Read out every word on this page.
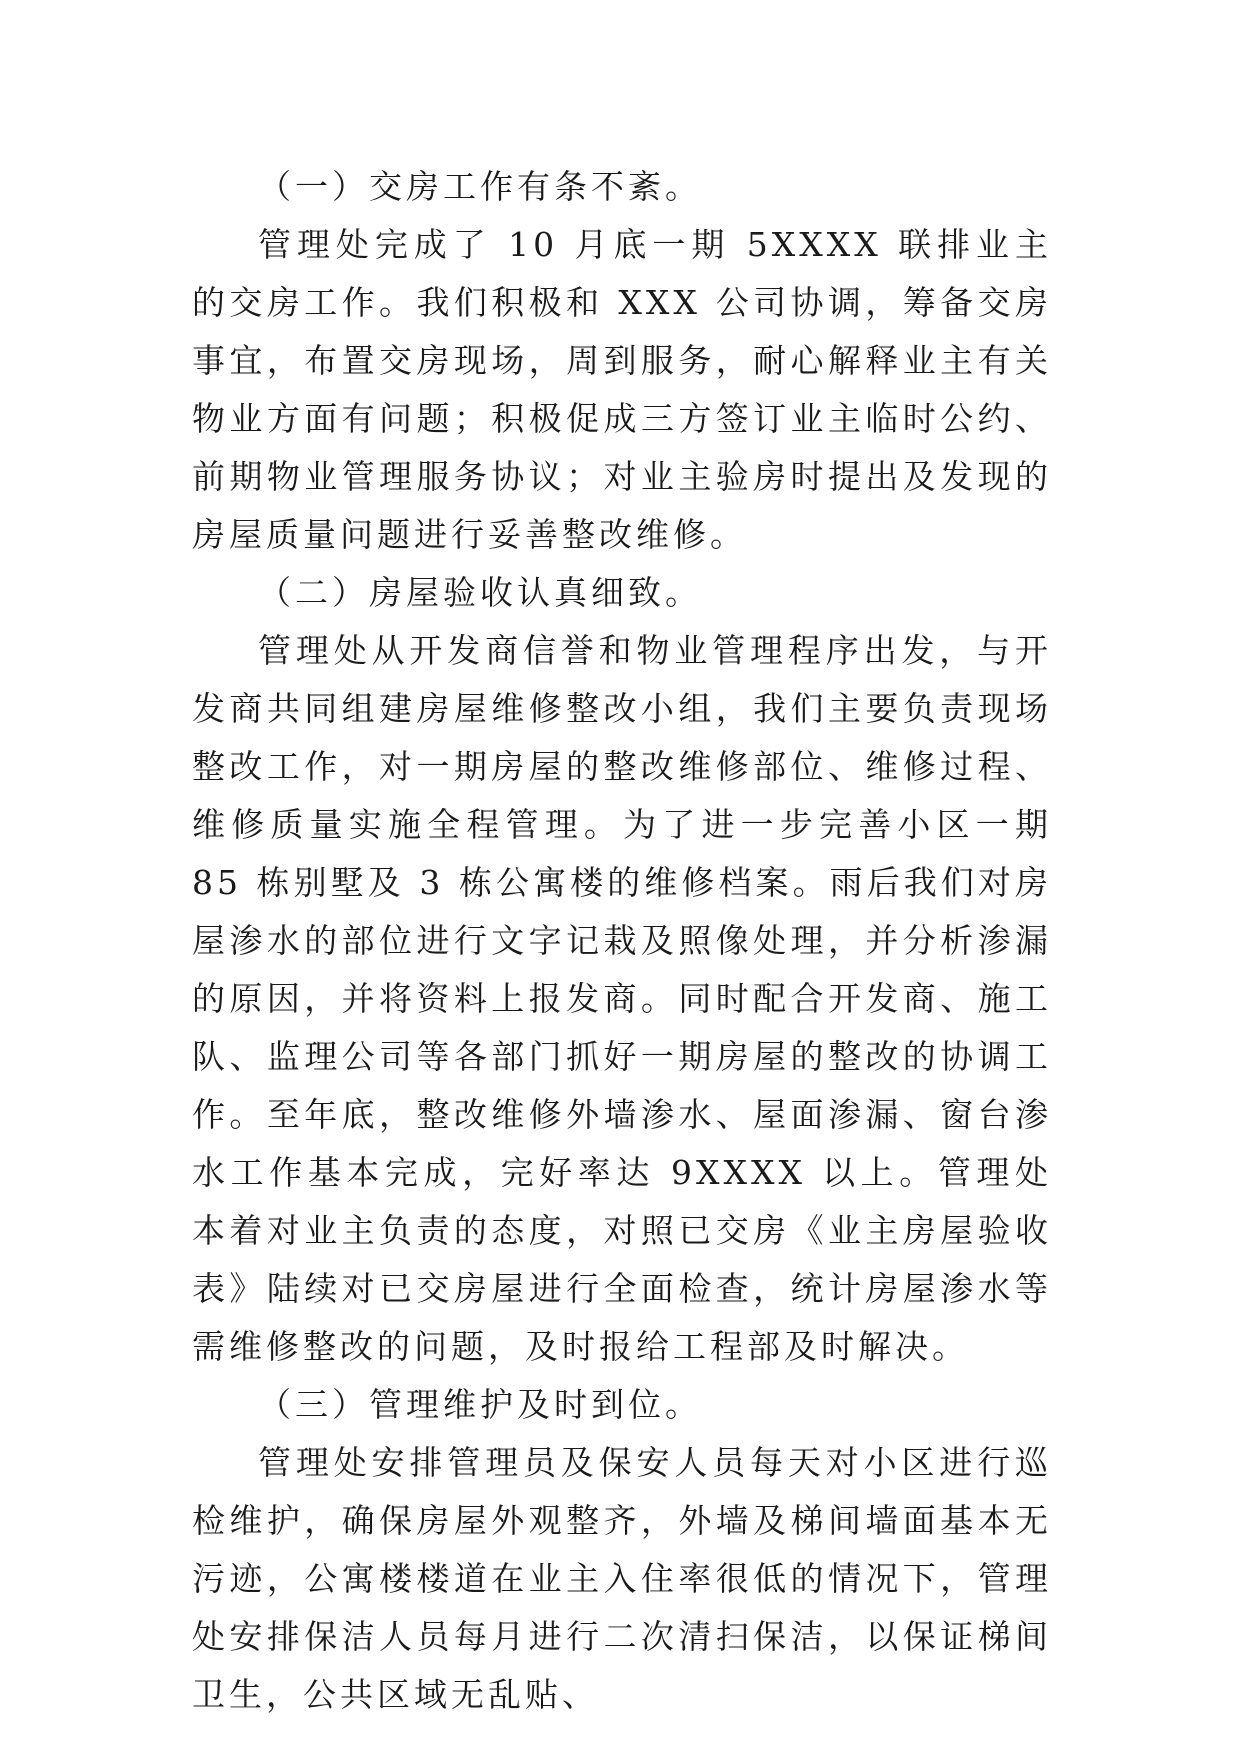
（一）交房工作有条不紊。

管理处完成了 10 月底一期 5XXXX 联排业主的交房工作。我们积极和 XXX 公司协调，筹备交房事宜，布置交房现场，周到服务，耐心解释业主有关物业方面有问题；积极促成三方签订业主临时公约、前期物业管理服务协议；对业主验房时提出及发现的房屋质量问题进行妥善整改维修。

（二）房屋验收认真细致。

管理处从开发商信誉和物业管理程序出发，与开发商共同组建房屋维修整改小组，我们主要负责现场整改工作，对一期房屋的整改维修部位、维修过程、维修质量实施全程管理。为了进一步完善小区一期 85 栋别墅及 3 栋公寓楼的维修档案。雨后我们对房屋渗水的部位进行文字记栽及照像处理，并分析渗漏的原因，并将资料上报发商。同时配合开发商、施工队、监理公司等各部门抓好一期房屋的整改的协调工作。至年底，整改维修外墙渗水、屋面渗漏、窗台渗水工作基本完成，完好率达 9XXXX 以上。管理处本着对业主负责的态度，对照已交房《业主房屋验收表》陆续对已交房屋进行全面检查，统计房屋渗水等需维修整改的问题，及时报给工程部及时解决。

（三）管理维护及时到位。

管理处安排管理员及保安人员每天对小区进行巡检维护，确保房屋外观整齐，外墙及梯间墙面基本无污迹，公寓楼楼道在业主入住率很低的情况下，管理处安排保洁人员每月进行二次清扫保洁，以保证梯间卫生，公共区域无乱贴、
